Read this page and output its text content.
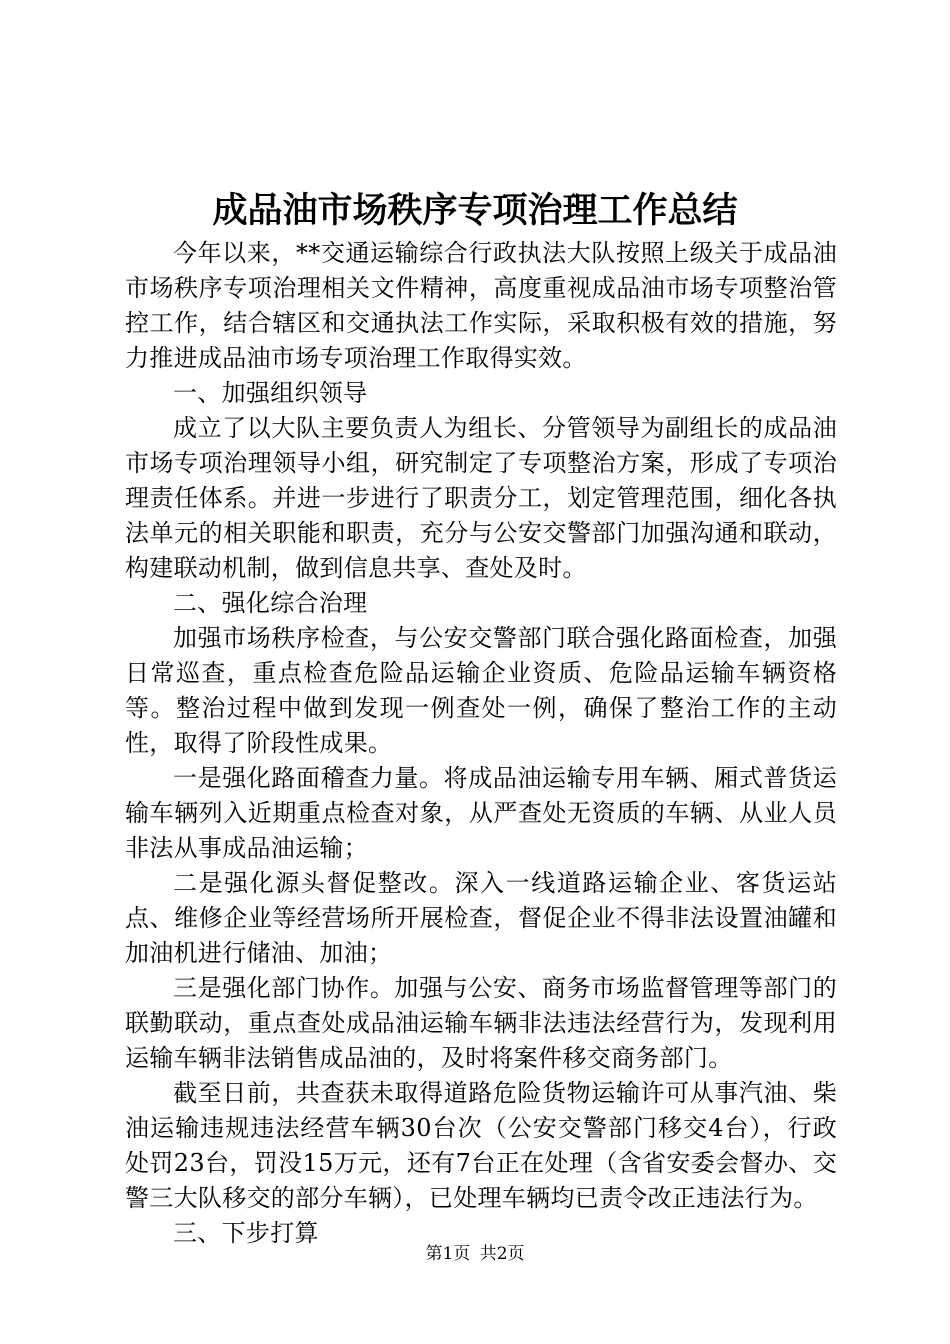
成品油市场秩序专项治理工作总结

今年以来，**交通运输综合行政执法大队按照上级关于成品油市场秩序专项治理相关文件精神，高度重视成品油市场专项整治管控工作，结合辖区和交通执法工作实际，采取积极有效的措施，努力推进成品油市场专项治理工作取得实效。

一、加强组织领导

成立了以大队主要负责人为组长、分管领导为副组长的成品油市场专项治理领导小组，研究制定了专项整治方案，形成了专项治理责任体系。并进一步进行了职责分工，划定管理范围，细化各执法单元的相关职能和职责，充分与公安交警部门加强沟通和联动，构建联动机制，做到信息共享、查处及时。

二、强化综合治理

加强市场秩序检查，与公安交警部门联合强化路面检查，加强日常巡查，重点检查危险品运输企业资质、危险品运输车辆资格等。整治过程中做到发现一例查处一例，确保了整治工作的主动性，取得了阶段性成果。

一是强化路面稽查力量。将成品油运输专用车辆、厢式普货运输车辆列入近期重点检查对象，从严查处无资质的车辆、从业人员非法从事成品油运输；

二是强化源头督促整改。深入一线道路运输企业、客货运站点、维修企业等经营场所开展检查，督促企业不得非法设置油罐和加油机进行储油、加油；

三是强化部门协作。加强与公安、商务市场监督管理等部门的联勤联动，重点查处成品油运输车辆非法违法经营行为，发现利用运输车辆非法销售成品油的，及时将案件移交商务部门。

截至日前，共查获未取得道路危险货物运输许可从事汽油、柴油运输违规违法经营车辆30台次（公安交警部门移交4台），行政处罚23台，罚没15万元，还有7台正在处理（含省安委会督办、交警三大队移交的部分车辆），已处理车辆均已责令改正违法行为。

三、下步打算

第1页 共2页
